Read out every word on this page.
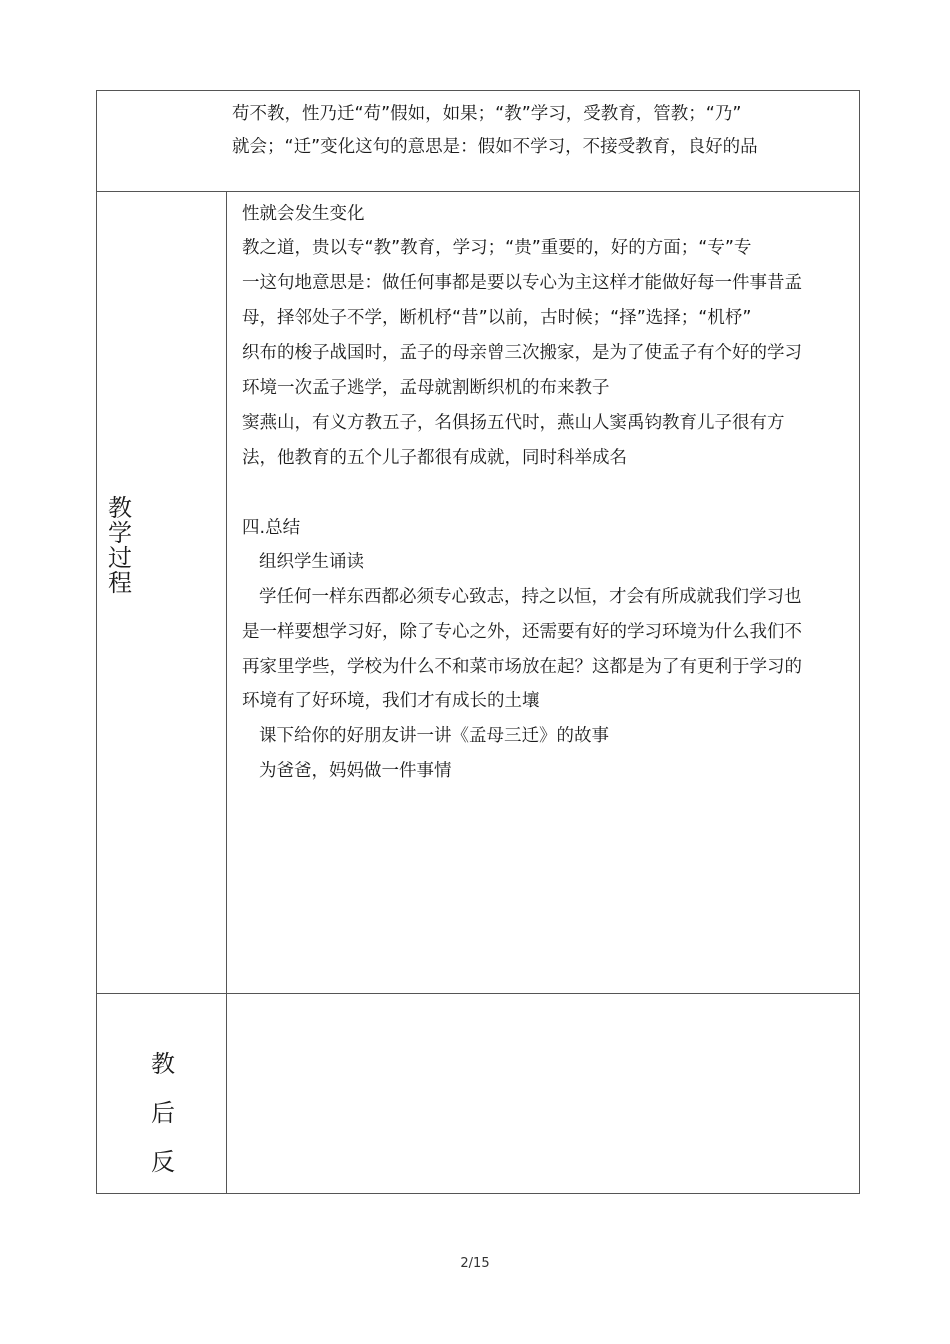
苟不教，性乃迁“苟”假如，如果；“教”学习，受教育，管教；“乃”
就会；“迁”变化这句的意思是：假如不学习，不接受教育，良好的品
教
学
过
程
性就会发生变化
教之道，贵以专“教”教育，学习；“贵”重要的，好的方面；“专”专
一这句地意思是：做任何事都是要以专心为主这样才能做好每一件事昔孟
母，择邻处子不学，断机杼“昔”以前，古时候；“择”选择；“机杼”
织布的梭子战国时，孟子的母亲曾三次搬家，是为了使孟子有个好的学习
环境一次孟子逃学，孟母就割断织机的布来教子
窦燕山，有义方教五子，名俱扬五代时，燕山人窦禹钧教育儿子很有方
法，他教育的五个儿子都很有成就，同时科举成名
四.总结
组织学生诵读
学任何一样东西都必须专心致志，持之以恒，才会有所成就我们学习也
是一样要想学习好，除了专心之外，还需要有好的学习环境为什么我们不
再家里学些，学校为什么不和菜市场放在起？这都是为了有更利于学习的
环境有了好环境，我们才有成长的土壤
课下给你的好朋友讲一讲《孟母三迁》的故事
为爸爸，妈妈做一件事情
教
后
反
2/15
